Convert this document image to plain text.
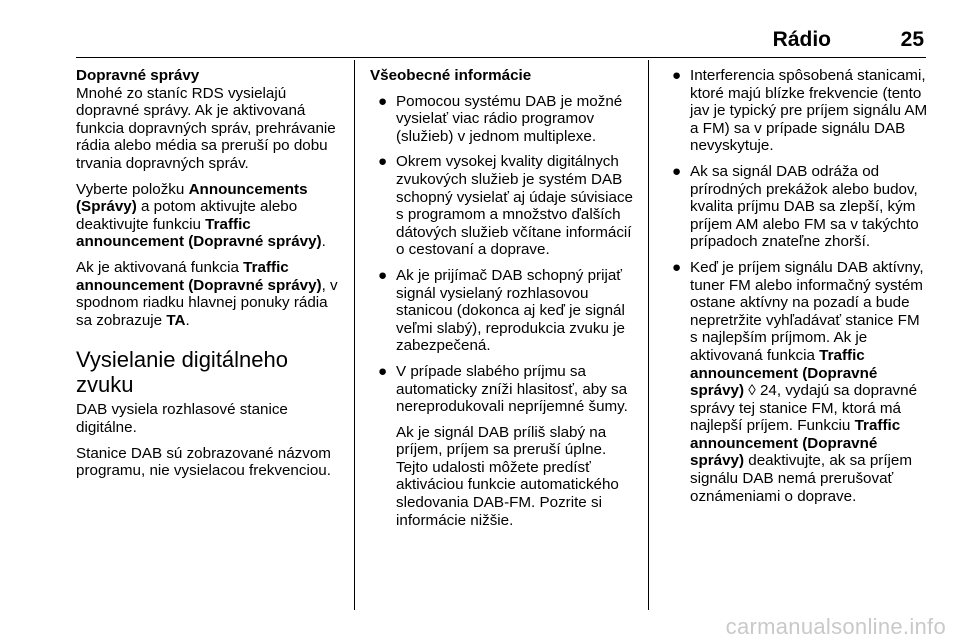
Rádio	25

Dopravné správy

Mnohé zo staníc RDS vysielajú dopravné správy. Ak je aktivovaná funkcia dopravných správ, prehrávanie rádia alebo média sa preruší po dobu trvania dopravných správ.

Vyberte položku Announcements (Správy) a potom aktivujte alebo deaktivujte funkciu Traffic announcement (Dopravné správy).

Ak je aktivovaná funkcia Traffic announcement (Dopravné správy), v spodnom riadku hlavnej ponuky rádia sa zobrazuje TA.

Vysielanie digitálneho zvuku

DAB vysiela rozhlasové stanice digitálne.

Stanice DAB sú zobrazované názvom programu, nie vysielacou frekvenciou.

Všeobecné informácie

● Pomocou systému DAB je možné vysielať viac rádio programov (služieb) v jednom multiplexe.
● Okrem vysokej kvality digitálnych zvukových služieb je systém DAB schopný vysielať aj údaje súvisiace s programom a množstvo ďalších dátových služieb včítane informácií o cestovaní a doprave.
● Ak je prijímač DAB schopný prijať signál vysielaný rozhlasovou stanicou (dokonca aj keď je signál veľmi slabý), reprodukcia zvuku je zabezpečená.
● V prípade slabého príjmu sa automaticky zníži hlasitosť, aby sa nereprodukovali nepríjemné šumy.
Ak je signál DAB príliš slabý na príjem, príjem sa preruší úplne. Tejto udalosti môžete predísť aktiváciou funkcie automatického sledovania DAB-FM. Pozrite si informácie nižšie.
● Interferencia spôsobená stanicami, ktoré majú blízke frekvencie (tento jav je typický pre príjem signálu AM a FM) sa v prípade signálu DAB nevyskytuje.
● Ak sa signál DAB odráža od prírodných prekážok alebo budov, kvalita príjmu DAB sa zlepší, kým príjem AM alebo FM sa v takýchto prípadoch znateľne zhorší.
● Keď je príjem signálu DAB aktívny, tuner FM alebo informačný systém ostane aktívny na pozadí a bude nepretržite vyhľadávať stanice FM s najlepším príjmom. Ak je aktivovaná funkcia Traffic announcement (Dopravné správy) ◊ 24, vydajú sa dopravné správy tej stanice FM, ktorá má najlepší príjem. Funkciu Traffic announcement (Dopravné správy) deaktivujte, ak sa príjem signálu DAB nemá prerušovať oznámeniami o doprave.
carmanualsonline.info
